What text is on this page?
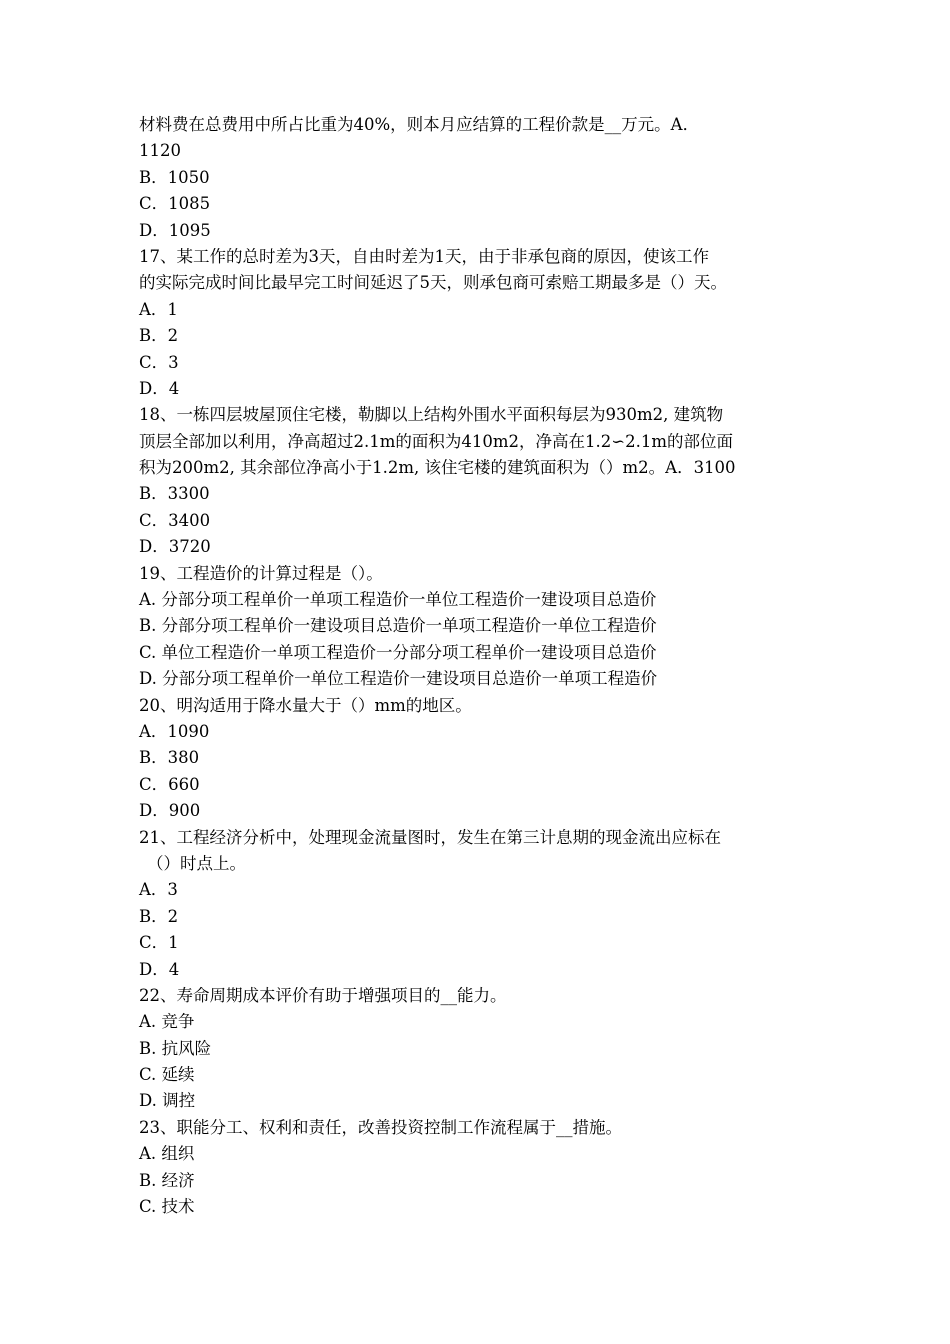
材料费在总费用中所占比重为40%，则本月应结算的工程价款是__万元。A．
1120
B．1050
C．1085
D．1095
17、某工作的总时差为3天，自由时差为1天，由于非承包商的原因，使该工作
的实际完成时间比最早完工时间延迟了5天，则承包商可索赔工期最多是（）天。
A．1
B．2
C．3
D．4
18、一栋四层坡屋顶住宅楼，勒脚以上结构外围水平面积每层为930m2, 建筑物
顶层全部加以利用，净高超过2.1m的面积为410m2，净高在1.2∽2.1m的部位面
积为200m2, 其余部位净高小于1.2m, 该住宅楼的建筑面积为（）m2。A．3100
B．3300
C．3400
D．3720
19、工程造价的计算过程是（）。
A. 分部分项工程单价一单项工程造价一单位工程造价一建设项目总造价
B. 分部分项工程单价一建设项目总造价一单项工程造价一单位工程造价
C. 单位工程造价一单项工程造价一分部分项工程单价一建设项目总造价
D. 分部分项工程单价一单位工程造价一建设项目总造价一单项工程造价
20、明沟适用于降水量大于（）mm的地区。
A．1090
B．380
C．660
D．900
21、工程经济分析中，处理现金流量图时，发生在第三计息期的现金流出应标在
（）时点上。
A．3
B．2
C．1
D．4
22、寿命周期成本评价有助于增强项目的__能力。
A. 竞争
B. 抗风险
C. 延续
D. 调控
23、职能分工、权利和责任，改善投资控制工作流程属于__措施。
A. 组织
B. 经济
C. 技术
